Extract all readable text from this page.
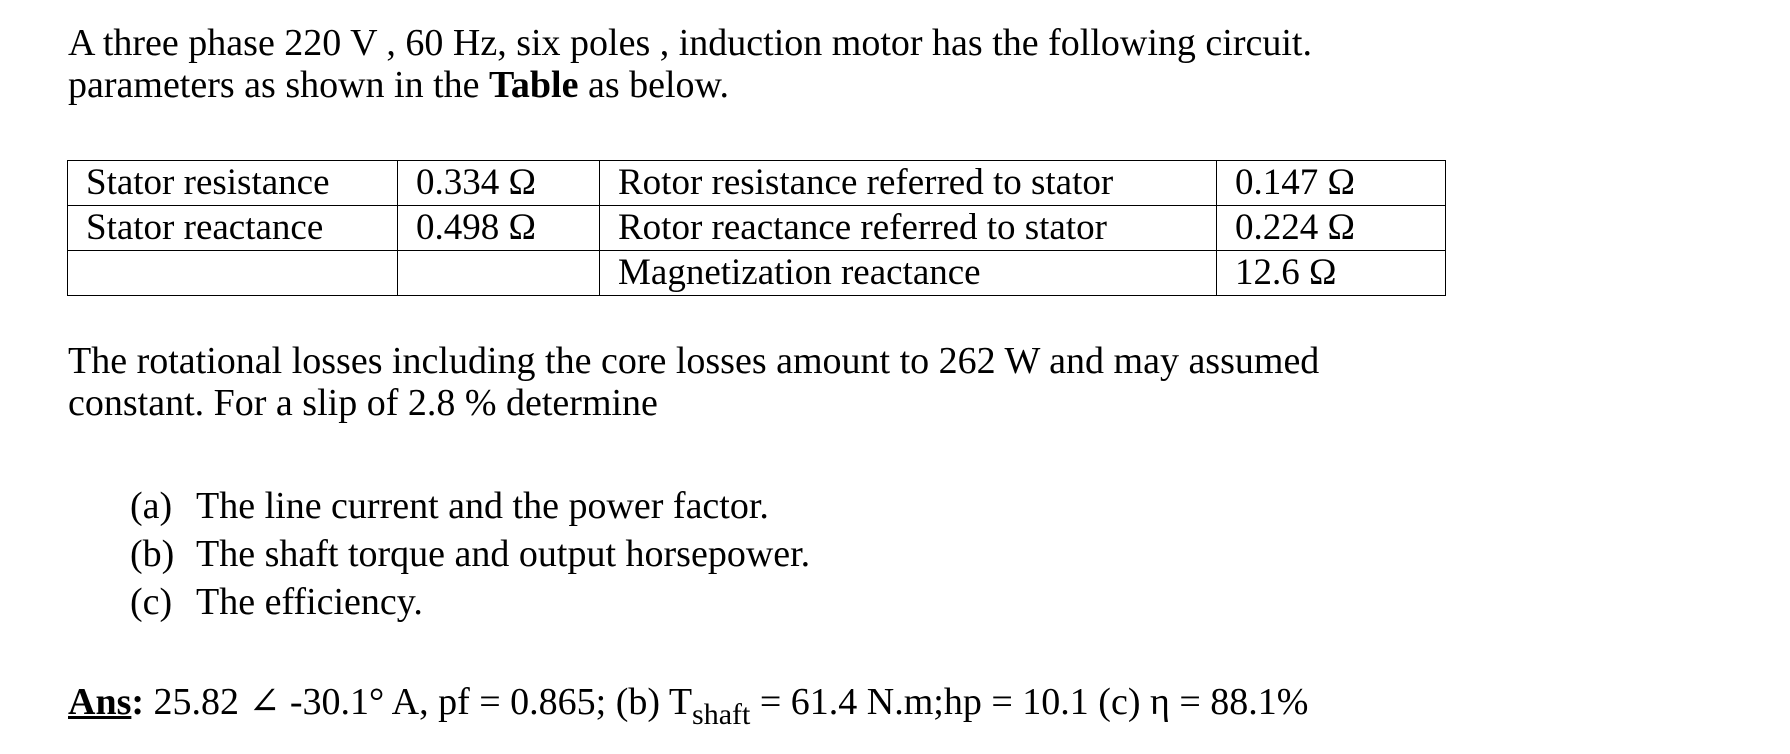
A three phase 220 V , 60 Hz, six poles , induction motor has the following circuit.
parameters as shown in the Table as below.
Stator resistance	0.334 Ω	Rotor resistance referred to stator	0.147 Ω
Stator reactance	0.498 Ω	Rotor reactance referred to stator	0.224 Ω
		Magnetization reactance	12.6 Ω
The rotational losses including the core losses amount to 262 W and may assumed
constant. For a slip of 2.8 % determine
(a) The line current and the power factor.
(b) The shaft torque and output horsepower.
(c) The efficiency.
Ans: 25.82 ∠ -30.1° A, pf = 0.865; (b) $T_{shaft} = 61.4$ N.m;hp = 10.1 (c) η = 88.1%
